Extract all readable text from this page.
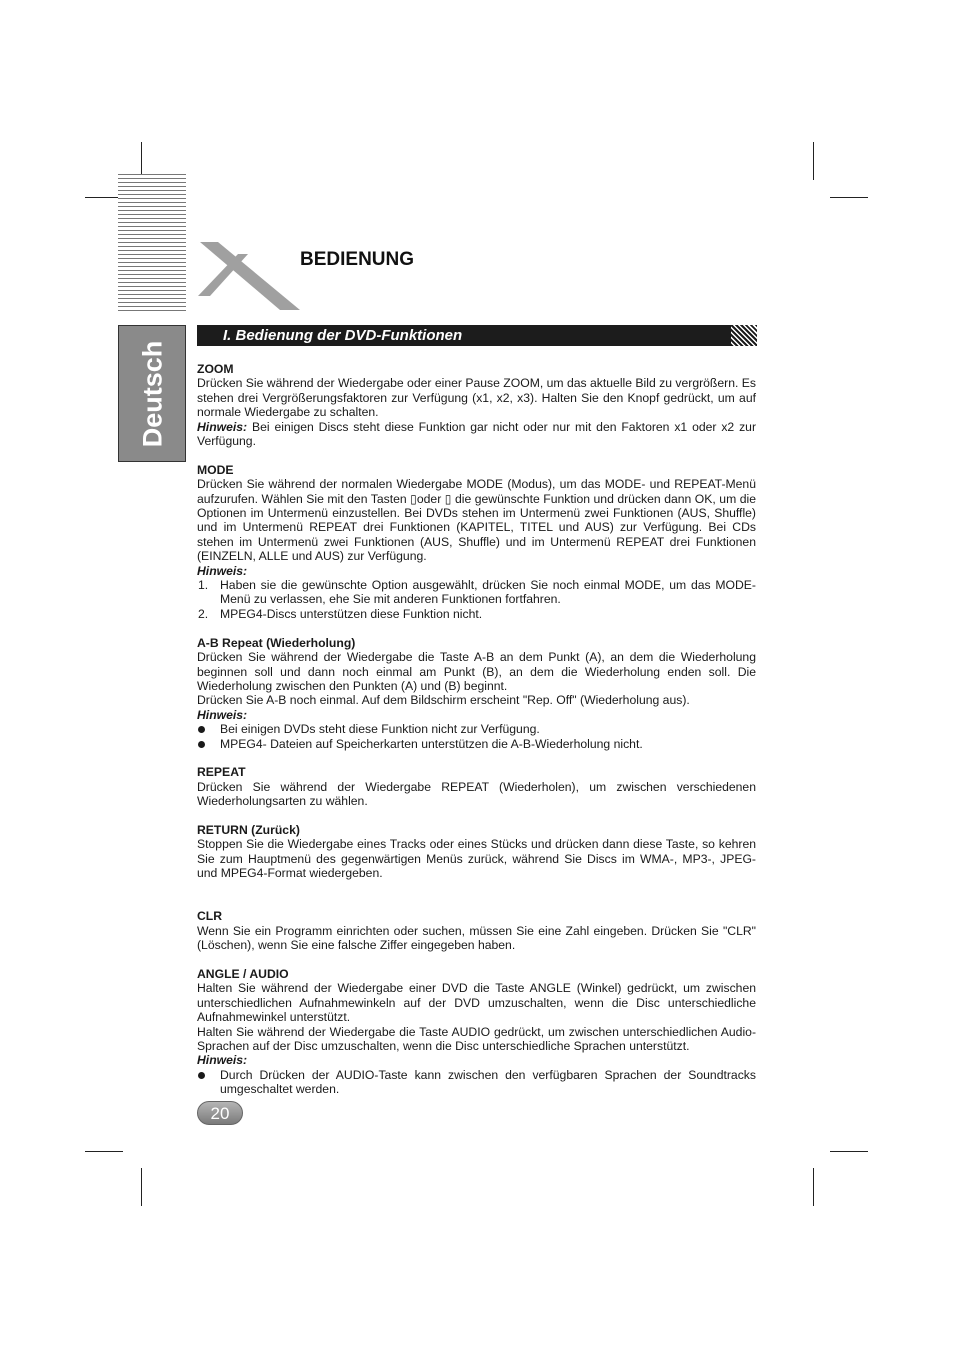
Deutsch
BEDIENUNG
I. Bedienung der DVD-Funktionen
ZOOM

Drücken Sie während der Wiedergabe oder einer Pause ZOOM, um das aktuelle Bild zu vergrößern. Es stehen drei Vergrößerungsfaktoren zur Verfügung (x1, x2, x3). Halten Sie den Knopf gedrückt, um auf normale Wiedergabe zu schalten.

Hinweis: Bei einigen Discs steht diese Funktion gar nicht oder nur mit den Faktoren x1 oder x2 zur Verfügung.

MODE

Drücken Sie während der normalen Wiedergabe MODE (Modus), um das MODE- und REPEAT-Menü aufzurufen. Wählen Sie mit den Tasten ▯oder ▯ die gewünschte Funktion und drücken dann OK, um die Optionen im Untermenü einzustellen. Bei DVDs stehen im Untermenü zwei Funktionen (AUS, Shuffle) und im Untermenü REPEAT drei Funktionen (KAPITEL, TITEL und AUS) zur Verfügung. Bei CDs stehen im Untermenü zwei Funktionen (AUS, Shuffle) und im Untermenü REPEAT drei Funktionen (EINZELN, ALLE und AUS) zur Verfügung.

Hinweis:
1. Haben sie die gewünschte Option ausgewählt, drücken Sie noch einmal MODE, um das MODE-Menü zu verlassen, ehe Sie mit anderen Funktionen fortfahren.
2. MPEG4-Discs unterstützen diese Funktion nicht.
A-B Repeat (Wiederholung)

Drücken Sie während der Wiedergabe die Taste A-B an dem Punkt (A), an dem die Wiederholung beginnen soll und dann noch einmal am Punkt (B), an dem die Wiederholung enden soll. Die Wiederholung zwischen den Punkten (A) und (B) beginnt.

Drücken Sie A-B noch einmal. Auf dem Bildschirm erscheint "Rep. Off" (Wiederholung aus).

Hinweis:
Bei einigen DVDs steht diese Funktion nicht zur Verfügung.
MPEG4- Dateien auf Speicherkarten unterstützen die A-B-Wiederholung nicht.
REPEAT

Drücken Sie während der Wiedergabe REPEAT (Wiederholen), um zwischen verschiedenen Wiederholungsarten zu wählen.

RETURN (Zurück)

Stoppen Sie die Wiedergabe eines Tracks oder eines Stücks und drücken dann diese Taste, so kehren Sie zum Hauptmenü des gegenwärtigen Menüs zurück, während Sie Discs im WMA-, MP3-, JPEG- und MPEG4-Format wiedergeben.

CLR

Wenn Sie ein Programm einrichten oder suchen, müssen Sie eine Zahl eingeben. Drücken Sie "CLR" (Löschen), wenn Sie eine falsche Ziffer eingegeben haben.

ANGLE / AUDIO

Halten Sie während der Wiedergabe einer DVD die Taste ANGLE (Winkel) gedrückt, um zwischen unterschiedlichen Aufnahmewinkeln auf der DVD umzuschalten, wenn die Disc unterschiedliche Aufnahmewinkel unterstützt.

Halten Sie während der Wiedergabe die Taste AUDIO gedrückt, um zwischen unterschiedlichen Audio-Sprachen auf der Disc umzuschalten, wenn die Disc unterschiedliche Sprachen unterstützt.

Hinweis:
Durch Drücken der AUDIO-Taste kann zwischen den verfügbaren Sprachen der Soundtracks umgeschaltet werden.
20
